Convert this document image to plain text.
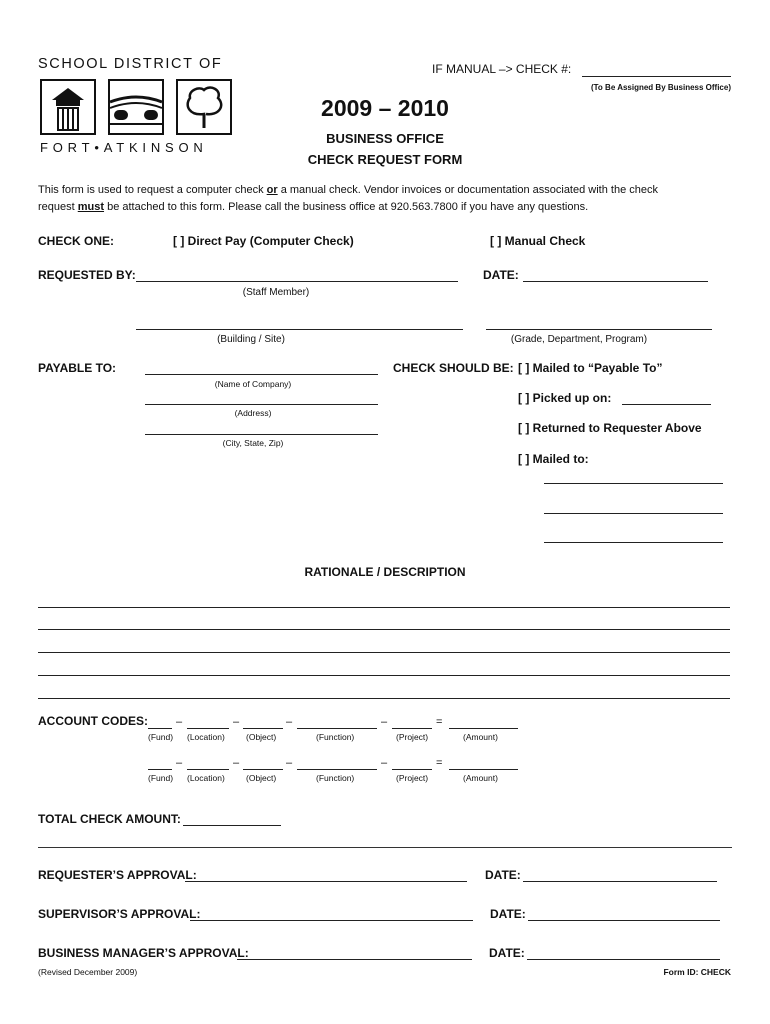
SCHOOL DISTRICT OF
FORT•ATKINSON
IF MANUAL –> CHECK #:
(To Be Assigned By Business Office)
2009 – 2010
BUSINESS OFFICE
CHECK REQUEST FORM
This form is used to request a computer check or a manual check. Vendor invoices or documentation associated with the check
request must be attached to this form. Please call the business office at 920.563.7800 if you have any questions.
CHECK ONE:	[ ] Direct Pay (Computer Check)	[ ] Manual Check
REQUESTED BY:
(Staff Member)
DATE:
(Building / Site)	(Grade, Department, Program)
PAYABLE TO:
(Name of Company)
(Address)
(City, State, Zip)
CHECK SHOULD BE: [ ] Mailed to “Payable To”
[ ] Picked up on:
[ ] Returned to Requester Above
[ ] Mailed to:
RATIONALE / DESCRIPTION
ACCOUNT CODES:	–	–	–	–	=
(Fund) (Location) (Object)	(Function)	(Project)	(Amount)
–	–	–	–	=
(Fund) (Location) (Object)	(Function)	(Project)	(Amount)
TOTAL CHECK AMOUNT:
REQUESTER’S APPROVAL:	DATE:
SUPERVISOR’S APPROVAL:	DATE:
BUSINESS MANAGER’S APPROVAL:	DATE:
(Revised December 2009)	Form ID: CHECK
